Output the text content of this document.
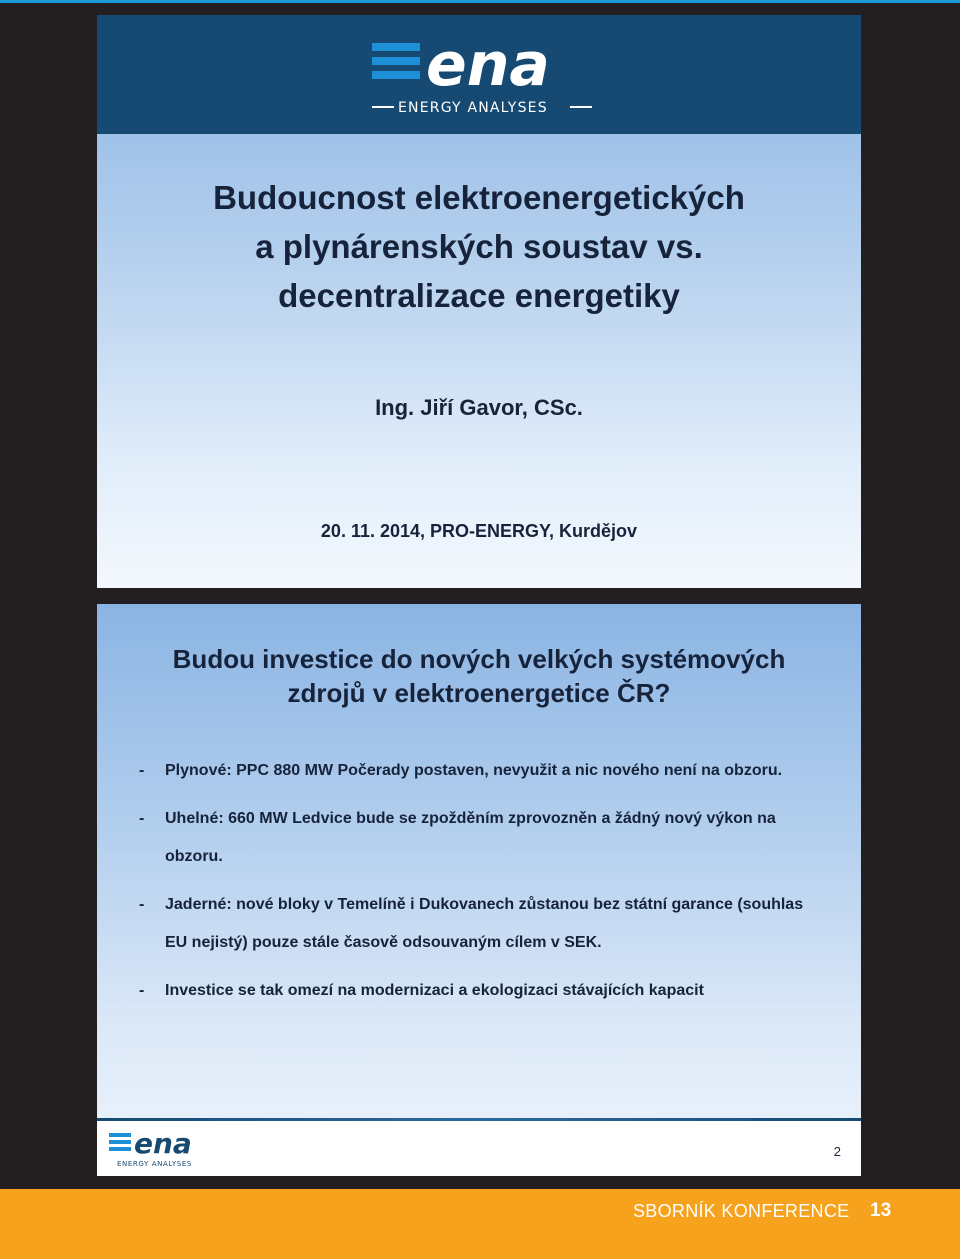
ena
ENERGY ANALYSES
Budoucnost elektroenergetických
a plynárenských soustav vs.
decentralizace energetiky
Ing. Jiří Gavor, CSc.
20. 11. 2014, PRO-ENERGY, Kurdějov
Budou investice do nových velkých systémových
zdrojů v elektroenergetice ČR?
- Plynové: PPC 880 MW Počerady postaven, nevyužit a nic nového není na obzoru.
- Uhelné: 660 MW Ledvice bude se zpožděním zprovozněn a žádný nový výkon na obzoru.
- Jaderné: nové bloky v Temelíně i Dukovanech zůstanou bez státní garance (souhlas EU nejistý) pouze stále časově odsouvaným cílem v SEK.
- Investice se tak omezí na modernizaci a ekologizaci stávajících kapacit
ena
ENERGY ANALYSES
2
SBORNÍK KONFERENCE 13
